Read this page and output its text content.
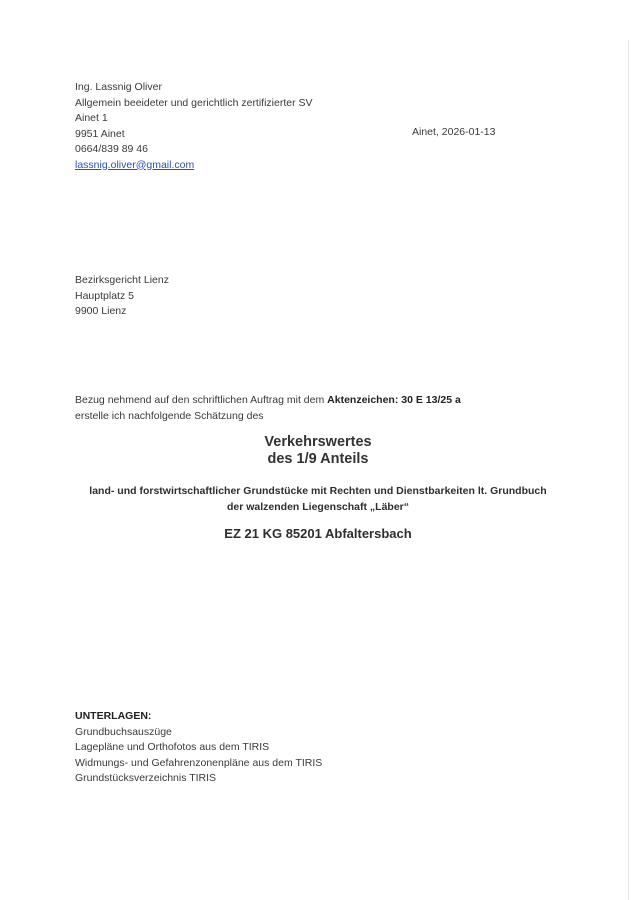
Ing. Lassnig Oliver
Allgemein beeideter und gerichtlich zertifizierter SV
Ainet 1
9951 Ainet
0664/839 89 46
lassnig.oliver@gmail.com
Ainet, 2026-01-13
Bezirksgericht Lienz
Hauptplatz 5
9900 Lienz
Bezug nehmend auf den schriftlichen Auftrag mit dem Aktenzeichen: 30 E 13/25 a
erstelle ich nachfolgende Schätzung des
Verkehrswertes
des 1/9 Anteils
land- und forstwirtschaftlicher Grundstücke mit Rechten und Dienstbarkeiten lt. Grundbuch
der walzenden Liegenschaft „Läber“
EZ 21 KG 85201 Abfaltersbach
UNTERLAGEN:
Grundbuchsauszüge
Lagepläne und Orthofotos aus dem TIRIS
Widmungs- und Gefahrenzonenpläne aus dem TIRIS
Grundstücksverzeichnis TIRIS
